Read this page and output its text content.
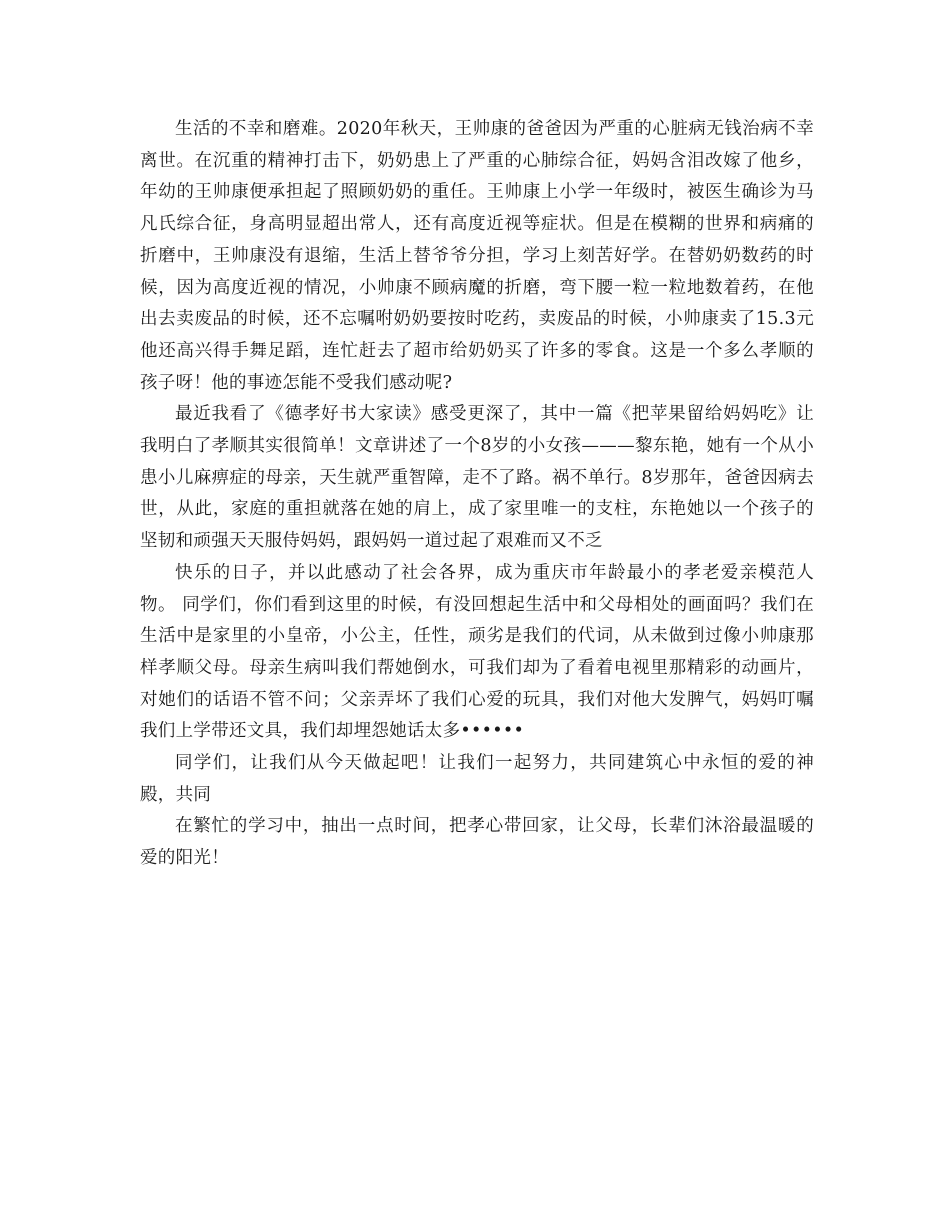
生活的不幸和磨难。2020年秋天，王帅康的爸爸因为严重的心脏病无钱治病不幸离世。在沉重的精神打击下，奶奶患上了严重的心肺综合征，妈妈含泪改嫁了他乡，年幼的王帅康便承担起了照顾奶奶的重任。王帅康上小学一年级时，被医生确诊为马凡氏综合征，身高明显超出常人，还有高度近视等症状。但是在模糊的世界和病痛的折磨中，王帅康没有退缩，生活上替爷爷分担，学习上刻苦好学。在替奶奶数药的时候，因为高度近视的情况，小帅康不顾病魔的折磨，弯下腰一粒一粒地数着药，在他出去卖废品的时候，还不忘嘱咐奶奶要按时吃药，卖废品的时候，小帅康卖了15.3元他还高兴得手舞足蹈，连忙赶去了超市给奶奶买了许多的零食。这是一个多么孝顺的孩子呀！他的事迹怎能不受我们感动呢?

最近我看了《德孝好书大家读》感受更深了，其中一篇《把苹果留给妈妈吃》让我明白了孝顺其实很简单！文章讲述了一个8岁的小女孩———黎东艳，她有一个从小患小儿麻痹症的母亲，天生就严重智障，走不了路。祸不单行。8岁那年，爸爸因病去世，从此，家庭的重担就落在她的肩上，成了家里唯一的支柱，东艳她以一个孩子的坚韧和顽强天天服侍妈妈，跟妈妈一道过起了艰难而又不乏

快乐的日子，并以此感动了社会各界，成为重庆市年龄最小的孝老爱亲模范人物。 同学们，你们看到这里的时候，有没回想起生活中和父母相处的画面吗？我们在生活中是家里的小皇帝，小公主，任性，顽劣是我们的代词，从未做到过像小帅康那样孝顺父母。母亲生病叫我们帮她倒水，可我们却为了看着电视里那精彩的动画片，对她们的话语不管不问；父亲弄坏了我们心爱的玩具，我们对他大发脾气，妈妈叮嘱我们上学带还文具，我们却埋怨她话太多••••••

同学们，让我们从今天做起吧！让我们一起努力，共同建筑心中永恒的爱的神殿，共同

在繁忙的学习中，抽出一点时间，把孝心带回家，让父母，长辈们沐浴最温暖的爱的阳光！
